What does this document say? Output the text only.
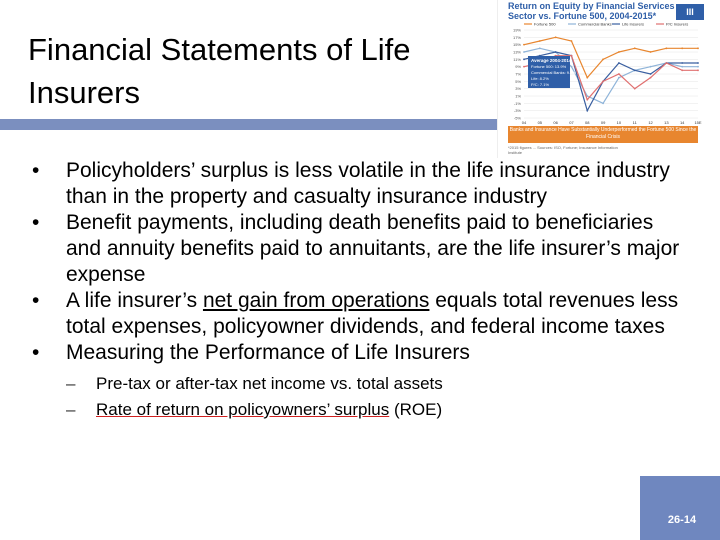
Financial Statements of Life Insurers
Return on Equity by Financial Services Sector vs. Fortune 500, 2004-2015*	III
19%
17%
15%
13%
11%
9%
7%
5%
3%
1%
-1%
-3%
-5%
04	05	06	07	08	09	10	11	12	13	14	15E
Fortune 500	Commercial Banks	Life Insurers	P/C Insurers
Average 2004-2014
Fortune 500: 13.9%
Commercial Banks: 9.8%
Life: 8.2%
P/C: 7.1%
Banks and Insurance Have Substantially Underperformed the Fortune 500 Since the Financial Crisis
*2015 figures ... Sources: ISO, Fortune; Insurance Information Institute
• Policyholders’ surplus is less volatile in the life insurance industry than in the property and casualty insurance industry
• Benefit payments, including death benefits paid to beneficiaries and annuity benefits paid to annuitants, are the life insurer’s major expense
• A life insurer’s net gain from operations equals total revenues less total expenses, policyowner dividends, and federal income taxes
• Measuring the Performance of Life Insurers
– Pre-tax or after-tax net income vs. total assets
– Rate of return on policyowners’ surplus (ROE)
26-14
